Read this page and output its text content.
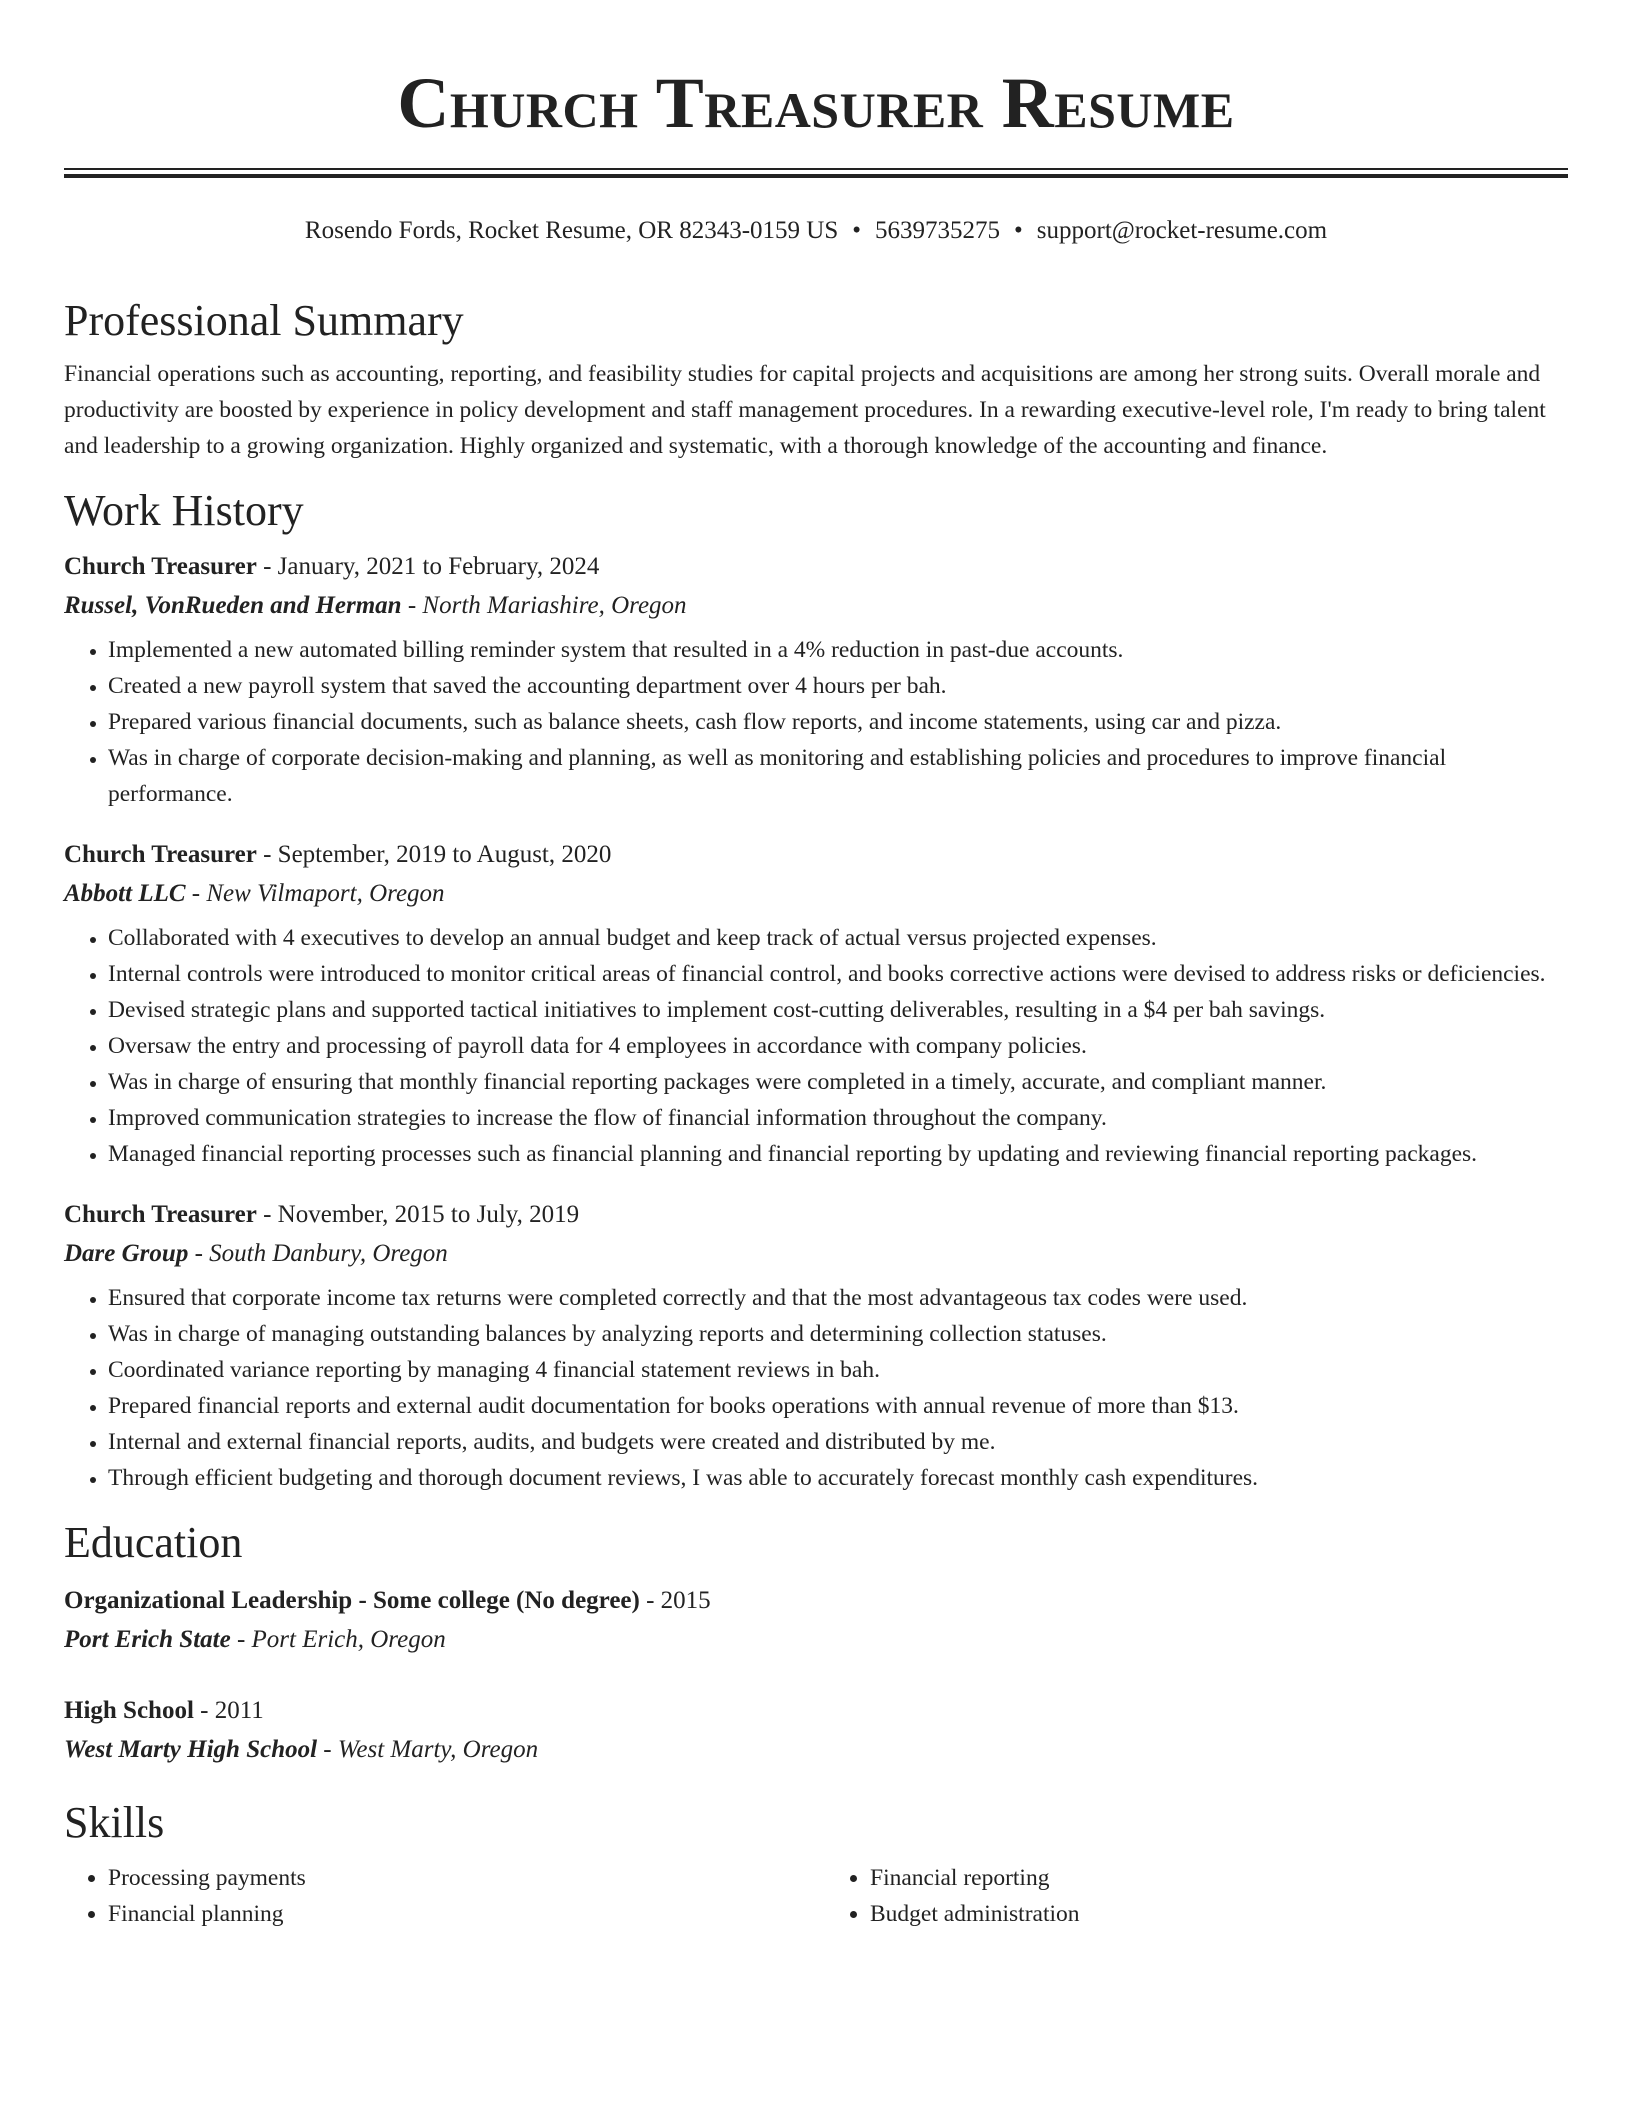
Church Treasurer Resume
Rosendo Fords, Rocket Resume, OR 82343-0159 US • 5639735275 • support@rocket-resume.com
Professional Summary

Financial operations such as accounting, reporting, and feasibility studies for capital projects and acquisitions are among her strong suits. Overall morale and productivity are boosted by experience in policy development and staff management procedures. In a rewarding executive-level role, I'm ready to bring talent and leadership to a growing organization. Highly organized and systematic, with a thorough knowledge of the accounting and finance.

Work History
Church Treasurer - January, 2021 to February, 2024
Russel, VonRueden and Herman - North Mariashire, Oregon
• Implemented a new automated billing reminder system that resulted in a 4% reduction in past-due accounts.
• Created a new payroll system that saved the accounting department over 4 hours per bah.
• Prepared various financial documents, such as balance sheets, cash flow reports, and income statements, using car and pizza.
• Was in charge of corporate decision-making and planning, as well as monitoring and establishing policies and procedures to improve financial performance.
Church Treasurer - September, 2019 to August, 2020
Abbott LLC - New Vilmaport, Oregon
• Collaborated with 4 executives to develop an annual budget and keep track of actual versus projected expenses.
• Internal controls were introduced to monitor critical areas of financial control, and books corrective actions were devised to address risks or deficiencies.
• Devised strategic plans and supported tactical initiatives to implement cost-cutting deliverables, resulting in a $4 per bah savings.
• Oversaw the entry and processing of payroll data for 4 employees in accordance with company policies.
• Was in charge of ensuring that monthly financial reporting packages were completed in a timely, accurate, and compliant manner.
• Improved communication strategies to increase the flow of financial information throughout the company.
• Managed financial reporting processes such as financial planning and financial reporting by updating and reviewing financial reporting packages.
Church Treasurer - November, 2015 to July, 2019
Dare Group - South Danbury, Oregon
• Ensured that corporate income tax returns were completed correctly and that the most advantageous tax codes were used.
• Was in charge of managing outstanding balances by analyzing reports and determining collection statuses.
• Coordinated variance reporting by managing 4 financial statement reviews in bah.
• Prepared financial reports and external audit documentation for books operations with annual revenue of more than $13.
• Internal and external financial reports, audits, and budgets were created and distributed by me.
• Through efficient budgeting and thorough document reviews, I was able to accurately forecast monthly cash expenditures.
Education
Organizational Leadership - Some college (No degree) - 2015
Port Erich State - Port Erich, Oregon
High School - 2011
West Marty High School - West Marty, Oregon
Skills
• Processing payments
• Financial planning
• Financial reporting
• Budget administration
